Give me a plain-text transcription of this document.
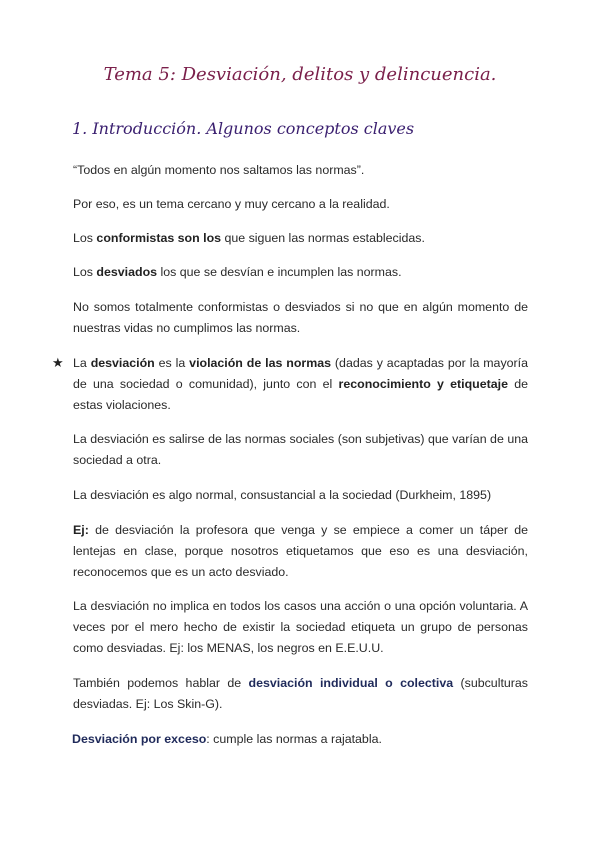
Tema 5: Desviación, delitos y delincuencia.
1. Introducción. Algunos conceptos claves
“Todos en algún momento nos saltamos las normas”.
Por eso, es un tema cercano y muy cercano a la realidad.
Los conformistas son los que siguen las normas establecidas.
Los desviados los que se desvían e incumplen las normas.
No somos totalmente conformistas o desviados si no que en algún momento de nuestras vidas no cumplimos las normas.
★ La desviación es la violación de las normas (dadas y acaptadas por la mayoría de una sociedad o comunidad), junto con el reconocimiento y etiquetaje de estas violaciones.
La desviación es salirse de las normas sociales (son subjetivas) que varían de una sociedad a otra.
La desviación es algo normal, consustancial a la sociedad (Durkheim, 1895)
Ej: de desviación la profesora que venga y se empiece a comer un táper de lentejas en clase, porque nosotros etiquetamos que eso es una desviación, reconocemos que es un acto desviado.
La desviación no implica en todos los casos una acción o una opción voluntaria. A veces por el mero hecho de existir la sociedad etiqueta un grupo de personas como desviadas. Ej: los MENAS, los negros en E.E.U.U.
También podemos hablar de desviación individual o colectiva (subculturas desviadas. Ej: Los Skin-G).
Desviación por exceso: cumple las normas a rajatabla.
